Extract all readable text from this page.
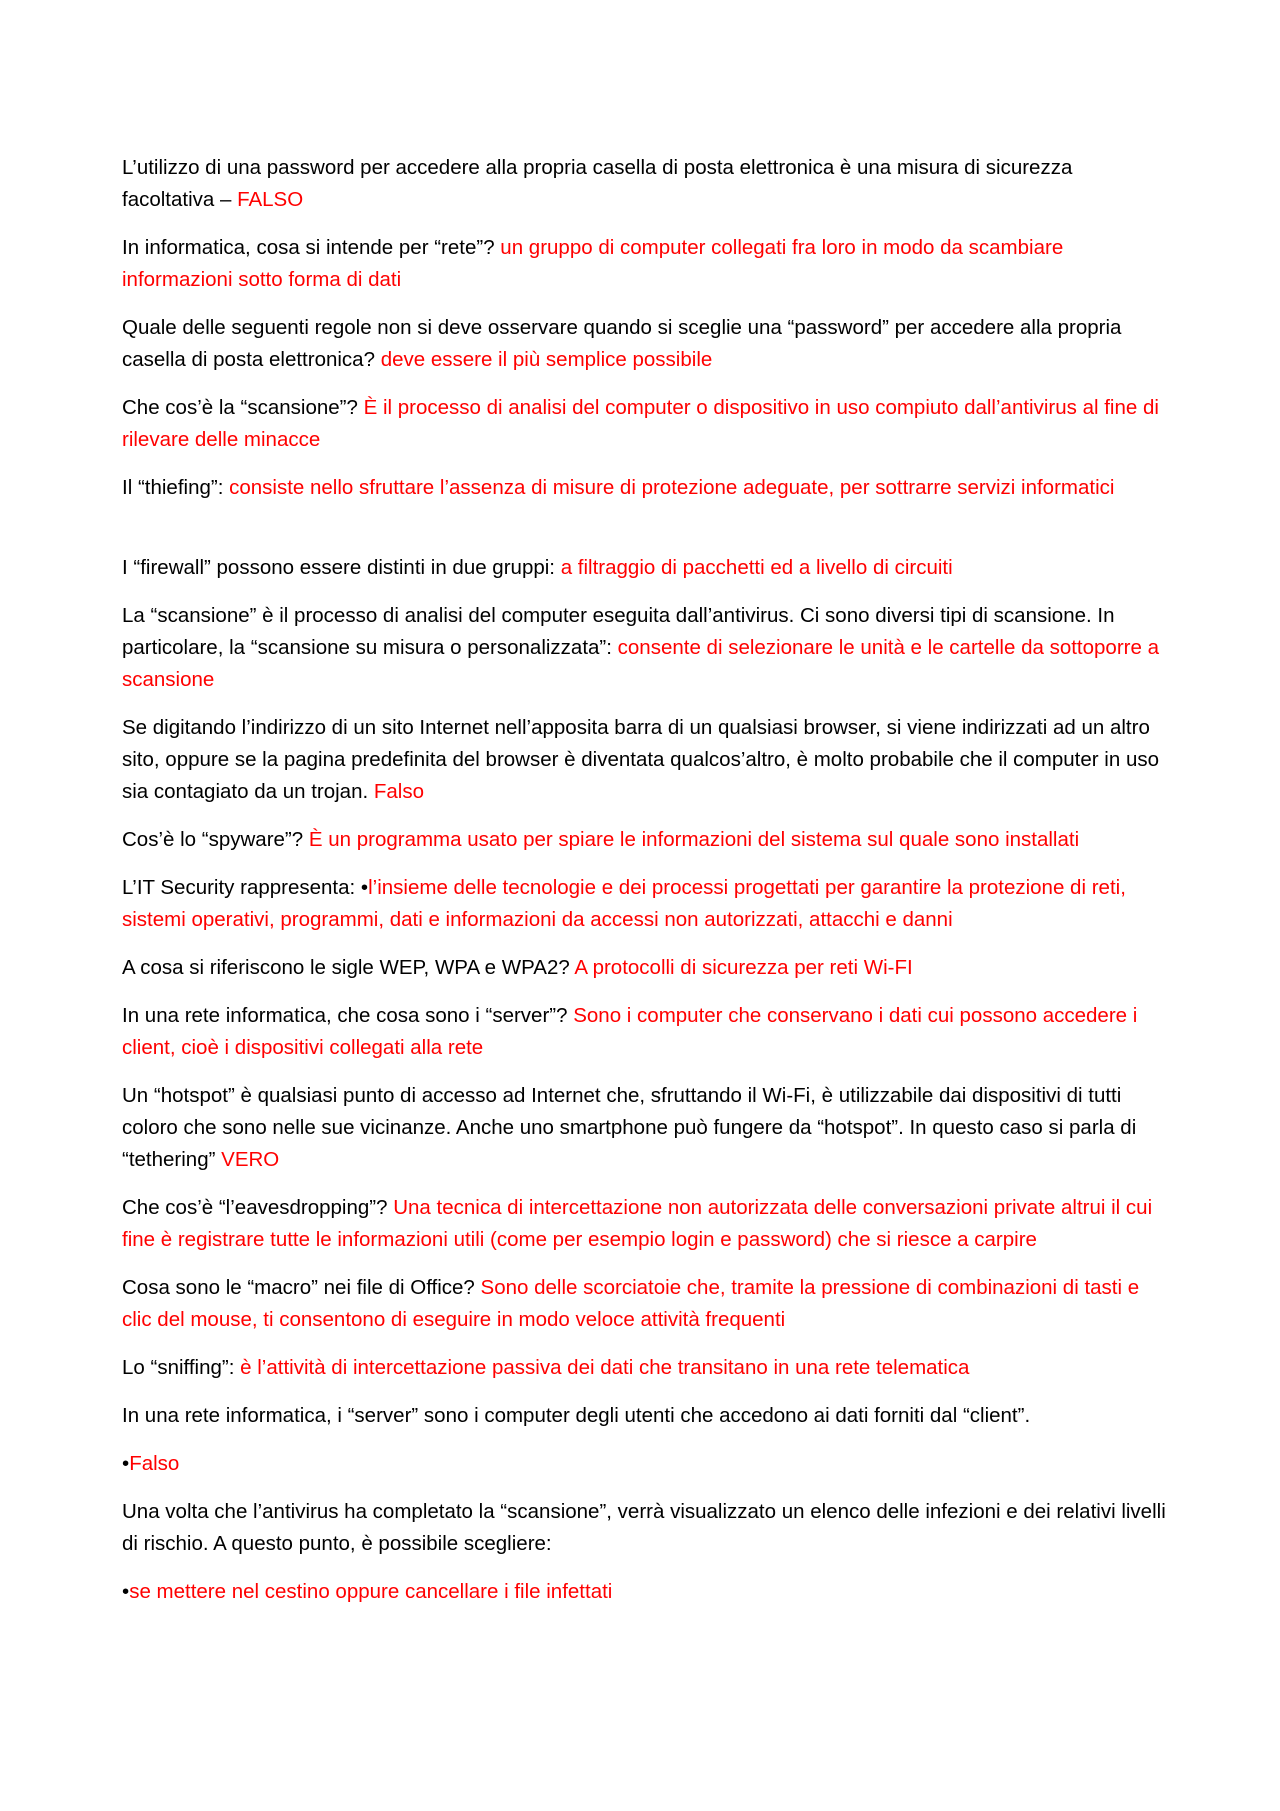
L’utilizzo di una password per accedere alla propria casella di posta elettronica è una misura di sicurezza facoltativa – FALSO

In informatica, cosa si intende per “rete”? un gruppo di computer collegati fra loro in modo da scambiare informazioni sotto forma di dati

Quale delle seguenti regole non si deve osservare quando si sceglie una “password” per accedere alla propria casella di posta elettronica? deve essere il più semplice possibile

Che cos’è la “scansione”? È il processo di analisi del computer o dispositivo in uso compiuto dall’antivirus al fine di rilevare delle minacce

Il “thiefing”: consiste nello sfruttare l’assenza di misure di protezione adeguate, per sottrarre servizi informatici

I “firewall” possono essere distinti in due gruppi: a filtraggio di pacchetti ed a livello di circuiti

La “scansione” è il processo di analisi del computer eseguita dall’antivirus. Ci sono diversi tipi di scansione. In particolare, la “scansione su misura o personalizzata”: consente di selezionare le unità e le cartelle da sottoporre a scansione

Se digitando l’indirizzo di un sito Internet nell’apposita barra di un qualsiasi browser, si viene indirizzati ad un altro sito, oppure se la pagina predefinita del browser è diventata qualcos’altro, è molto probabile che il computer in uso sia contagiato da un trojan. Falso

Cos’è lo “spyware”? È un programma usato per spiare le informazioni del sistema sul quale sono installati

L’IT Security rappresenta: •l’insieme delle tecnologie e dei processi progettati per garantire la protezione di reti, sistemi operativi, programmi, dati e informazioni da accessi non autorizzati, attacchi e danni

A cosa si riferiscono le sigle WEP, WPA e WPA2? A protocolli di sicurezza per reti Wi-FI

In una rete informatica, che cosa sono i “server”? Sono i computer che conservano i dati cui possono accedere i client, cioè i dispositivi collegati alla rete

Un “hotspot” è qualsiasi punto di accesso ad Internet che, sfruttando il Wi-Fi, è utilizzabile dai dispositivi di tutti coloro che sono nelle sue vicinanze. Anche uno smartphone può fungere da “hotspot”. In questo caso si parla di “tethering” VERO

Che cos’è “l’eavesdropping”? Una tecnica di intercettazione non autorizzata delle conversazioni private altrui il cui fine è registrare tutte le informazioni utili (come per esempio login e password) che si riesce a carpire

Cosa sono le “macro” nei file di Office? Sono delle scorciatoie che, tramite la pressione di combinazioni di tasti e clic del mouse, ti consentono di eseguire in modo veloce attività frequenti

Lo “sniffing”: è l’attività di intercettazione passiva dei dati che transitano in una rete telematica

In una rete informatica, i “server” sono i computer degli utenti che accedono ai dati forniti dal “client”.

•Falso

Una volta che l’antivirus ha completato la “scansione”, verrà visualizzato un elenco delle infezioni e dei relativi livelli di rischio. A questo punto, è possibile scegliere:

•se mettere nel cestino oppure cancellare i file infettati
